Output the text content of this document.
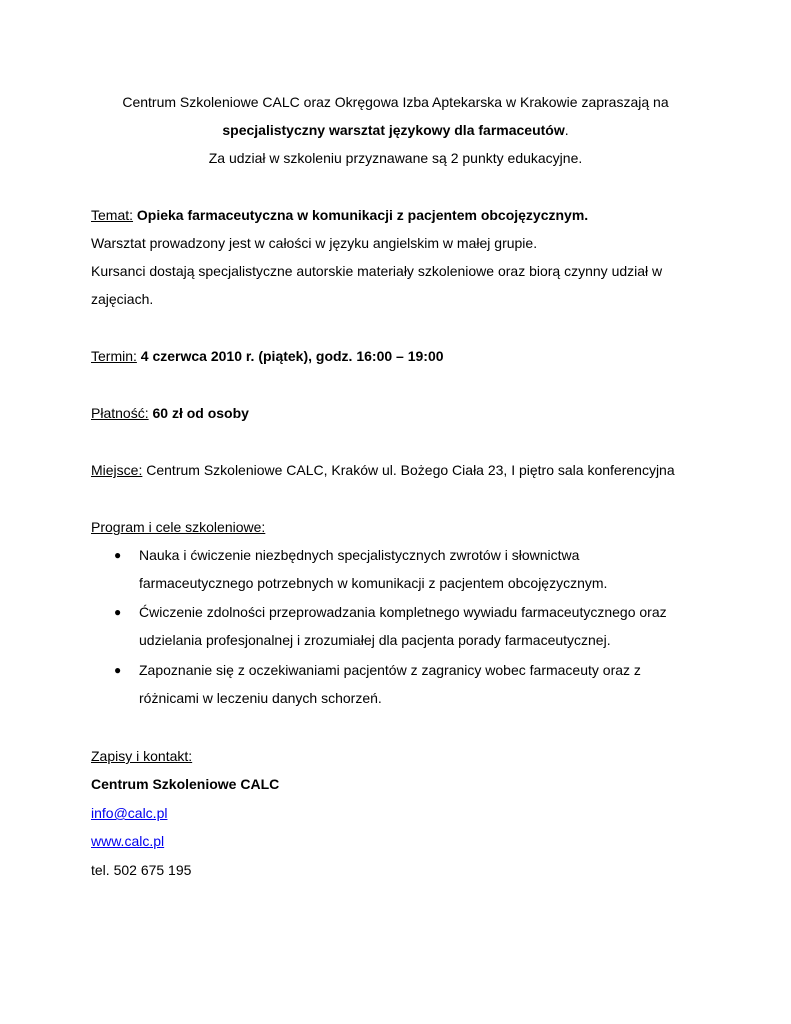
Centrum Szkoleniowe CALC oraz Okręgowa Izba Aptekarska w Krakowie zapraszają na
specjalistyczny warsztat językowy dla farmaceutów.
Za udział w szkoleniu przyznawane są 2 punkty edukacyjne.
Temat: Opieka farmaceutyczna w komunikacji z pacjentem obcojęzycznym.
Warsztat prowadzony jest w całości w języku angielskim w małej grupie.
Kursanci dostają specjalistyczne autorskie materiały szkoleniowe oraz biorą czynny udział w
zajęciach.
Termin: 4 czerwca 2010 r. (piątek), godz. 16:00 – 19:00
Płatność: 60 zł od osoby
Miejsce: Centrum Szkoleniowe CALC, Kraków ul. Bożego Ciała 23, I piętro sala konferencyjna
Program i cele szkoleniowe:
● Nauka i ćwiczenie niezbędnych specjalistycznych zwrotów i słownictwa
farmaceutycznego potrzebnych w komunikacji z pacjentem obcojęzycznym.
● Ćwiczenie zdolności przeprowadzania kompletnego wywiadu farmaceutycznego oraz
udzielania profesjonalnej i zrozumiałej dla pacjenta porady farmaceutycznej.
● Zapoznanie się z oczekiwaniami pacjentów z zagranicy wobec farmaceuty oraz z
różnicami w leczeniu danych schorzeń.
Zapisy i kontakt:
Centrum Szkoleniowe CALC
info@calc.pl
www.calc.pl
tel. 502 675 195
